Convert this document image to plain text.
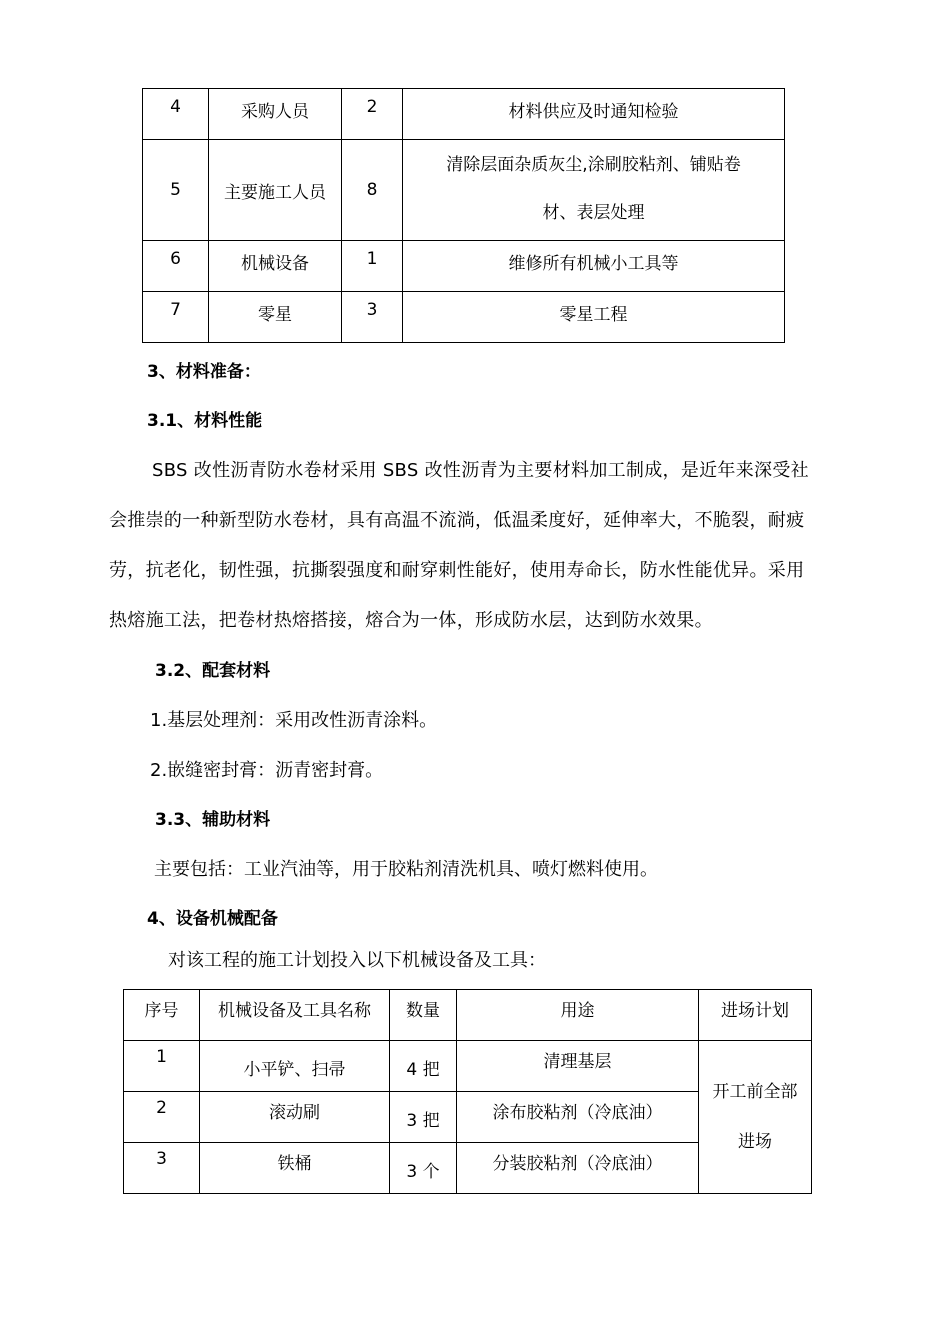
4	采购人员	2	材料供应及时通知检验

5	主要施工人员	8	清除层面杂质灰尘,涂刷胶粘剂、铺贴卷
材、表层处理

6	机械设备	1	维修所有机械小工具等

7	零星	3	零星工程
3、材料准备：
3.1、材料性能
SBS 改性沥青防水卷材采用 SBS 改性沥青为主要材料加工制成，是近年来深受社
会推崇的一种新型防水卷材，具有高温不流淌，低温柔度好，延伸率大，不脆裂，耐疲
劳，抗老化，韧性强，抗撕裂强度和耐穿刺性能好，使用寿命长，防水性能优异。采用
热熔施工法，把卷材热熔搭接，熔合为一体，形成防水层，达到防水效果。
3.2、配套材料
1.基层处理剂：采用改性沥青涂料。
2.嵌缝密封膏：沥青密封膏。
3.3、辅助材料
主要包括：工业汽油等，用于胶粘剂清洗机具、喷灯燃料使用。
4、设备机械配备
对该工程的施工计划投入以下机械设备及工具：
序号	机械设备及工具名称	数量	用途	进场计划

1	小平铲、扫帚	4 把	清理基层	开工前全部
进场

2	滚动刷	3 把	涂布胶粘剂（冷底油）	

3	铁桶	3 个	分装胶粘剂（冷底油）	
